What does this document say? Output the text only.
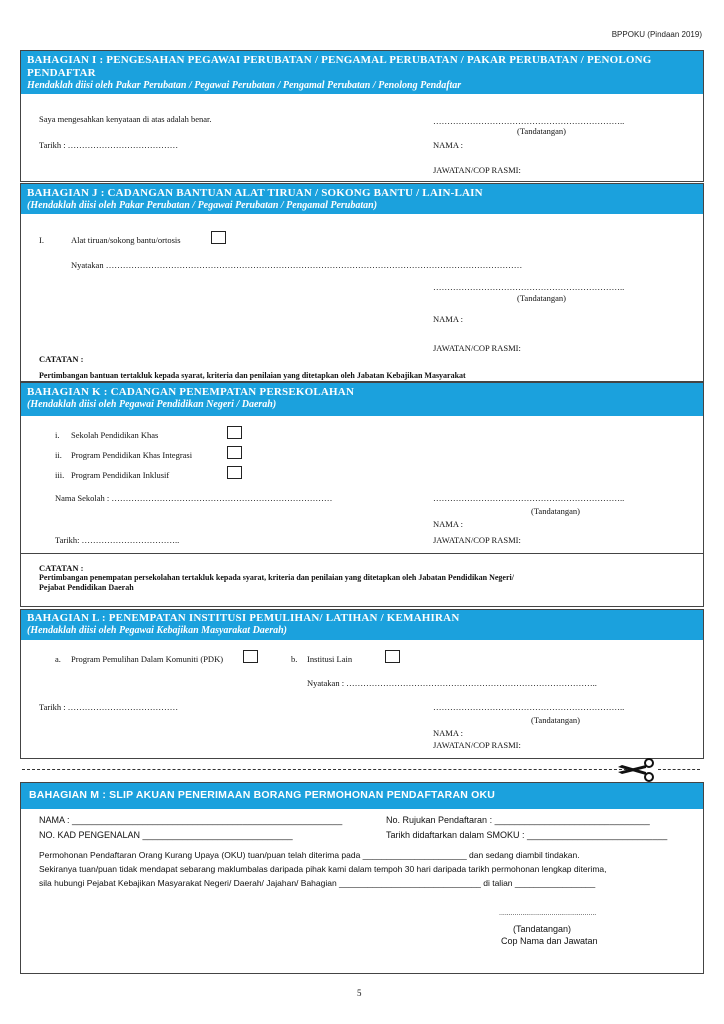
BPPOKU (Pindaan 2019)
BAHAGIAN I : PENGESAHAN PEGAWAI PERUBATAN / PENGAMAL PERUBATAN / PAKAR PERUBATAN / PENOLONG PENDAFTAR
Hendaklah diisi oleh Pakar Perubatan / Pegawai Perubatan / Pengamal Perubatan / Penolong Pendaftar
Saya mengesahkan kenyataan di atas adalah benar.	…………………………………………………………..
(Tandatangan)
Tarikh : …………………………………	NAMA :
JAWATAN/COP RASMI:
BAHAGIAN J : CADANGAN BANTUAN ALAT TIRUAN / SOKONG BANTU / LAIN-LAIN
(Hendaklah diisi oleh Pakar Perubatan / Pegawai Perubatan / Pengamal Perubatan)
I.	Alat tiruan/sokong bantu/ortosis
Nyatakan …………………………………………………………………………………………………………………………………
…………………………………………………………..
(Tandatangan)
NAMA :
JAWATAN/COP RASMI:
CATATAN :
Pertimbangan bantuan tertakluk kepada syarat, kriteria dan penilaian yang ditetapkan oleh Jabatan Kebajikan Masyarakat
BAHAGIAN K : CADANGAN PENEMPATAN PERSEKOLAHAN
(Hendaklah diisi oleh Pegawai Pendidikan Negeri / Daerah)
i. Sekolah Pendidikan Khas
ii. Program Pendidikan Khas Integrasi
iii. Program Pendidikan Inklusif
Nama Sekolah : ……………………………………………………………………	…………………………………………………………..
(Tandatangan)
NAMA :
Tarikh: ……………………………..	JAWATAN/COP RASMI:
CATATAN :
Pertimbangan penempatan persekolahan tertakluk kepada syarat, kriteria dan penilaian yang ditetapkan oleh Jabatan Pendidikan Negeri/
Pejabat Pendidikan Daerah
BAHAGIAN L : PENEMPATAN INSTITUSI PEMULIHAN/ LATIHAN / KEMAHIRAN
(Hendaklah diisi oleh Pegawai Kebajikan Masyarakat Daerah)
a. Program Pemulihan Dalam Komuniti (PDK)	b. Institusi Lain
Nyatakan : ……………………………………………………………………………..
Tarikh : …………………………………	…………………………………………………………..
(Tandatangan)
NAMA :
JAWATAN/COP RASMI:
BAHAGIAN M : SLIP AKUAN PENERIMAAN BORANG PERMOHONAN PENDAFTARAN OKU
NAMA : ______________________________________________________	No. Rujukan Pendaftaran : _______________________________
NO. KAD PENGENALAN ______________________________	Tarikh didaftarkan dalam SMOKU : ____________________________
Permohonan Pendaftaran Orang Kurang Upaya (OKU) tuan/puan telah diterima pada ______________________ dan sedang diambil tindakan.
Sekiranya tuan/puan tidak mendapat sebarang maklumbalas daripada pihak kami dalam tempoh 30 hari daripada tarikh permohonan lengkap diterima,
sila hubungi Pejabat Kebajikan Masyarakat Negeri/ Daerah/ Jajahan/ Bahagian ______________________________ di talian _________________
..................................................
(Tandatangan)
Cop Nama dan Jawatan
5
